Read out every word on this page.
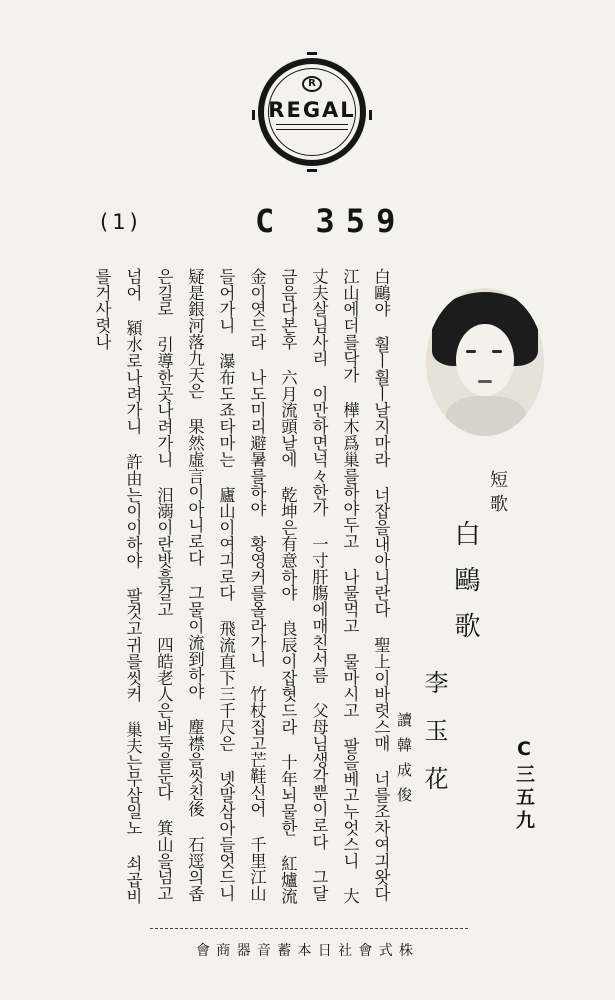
R
REGAL
(1)	C 359
短歌
白鷗歌
李玉花
讀韓成俊	C三五九
白鷗야 훨ㅣ훨ㅣ날지마라 너잡을내아니란다 聖上이바렷스매 너를조차여긔왓다
江山에더를닥가 樺木爲巢를하야두고 나물먹고 물마시고 팔을베고누엇스니 大
丈夫살님사리 이만하면넉々한가 一寸肝膓에매친서름 父母님생각뿐이로다 그달
금음다본후 六月流頭날에 乾坤은有意하야 良辰이잡혓드라 十年뇌물한 紅爐流
金이엿드라 나도미리避暑를하야 황영커를올라가니 竹杖집고芒鞋신어 千里江山
들어가니 瀑布도죠타마는 廬山이여긔로다 飛流直下三千尺은 녯말삼아들엇드니
疑是銀河落九天은 果然虛言이아니로다 그물이流到하야 塵襟을씻친後 石逕의좁
은길로 引導한곳나려가니 汨溺이란밧흘갈고 四皓老人은바둑을둔다 箕山을넘고
넘어 潁水로나려가니 許由는이이하야 팔것고귀를씻커 巢夫는무삼일노 쇠곱비
를거사렷나
會商器音蓄本日社會式株
